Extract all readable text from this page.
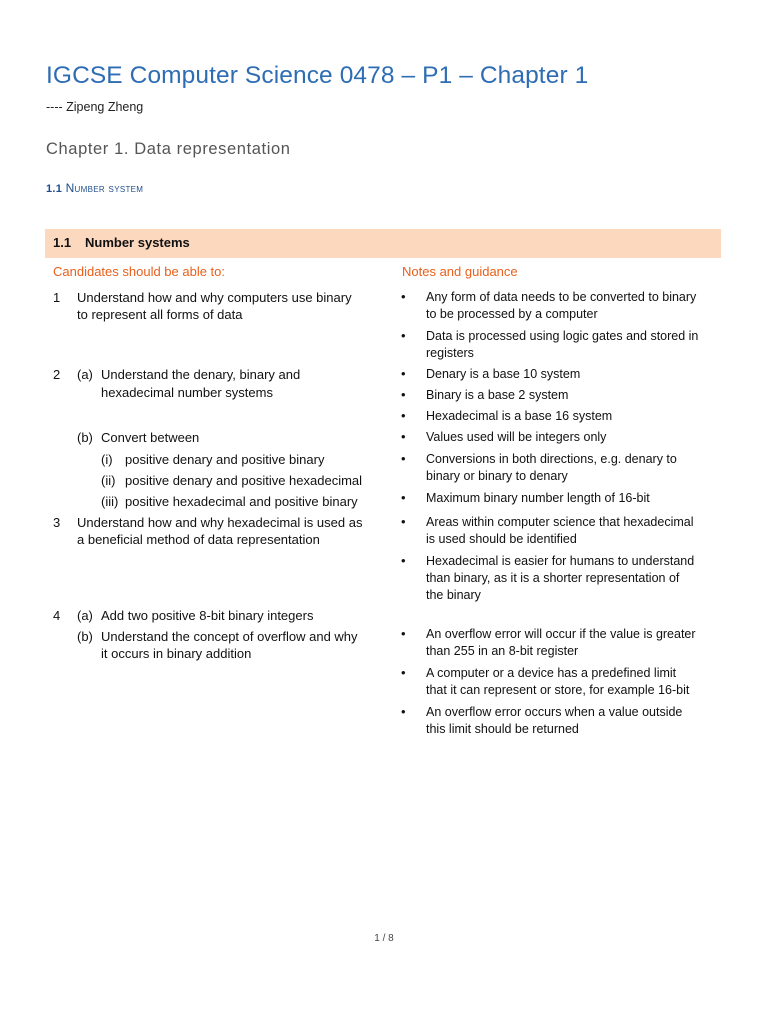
IGCSE Computer Science 0478 – P1 – Chapter 1
---- Zipeng Zheng
Chapter 1. Data representation
1.1 Number system
1.1 Number systems
Candidates should be able to:	Notes and guidance
1 Understand how and why computers use binary
to represent all forms of data
2 (a) Understand the denary, binary and
hexadecimal number systems
(b) Convert between
(i) positive denary and positive binary
(ii) positive denary and positive hexadecimal
(iii) positive hexadecimal and positive binary
3 Understand how and why hexadecimal is used as
a beneficial method of data representation
4 (a) Add two positive 8-bit binary integers
(b) Understand the concept of overflow and why
it occurs in binary addition
• Any form of data needs to be converted to binary
to be processed by a computer
• Data is processed using logic gates and stored in
registers
• Denary is a base 10 system
• Binary is a base 2 system
• Hexadecimal is a base 16 system
• Values used will be integers only
• Conversions in both directions, e.g. denary to
binary or binary to denary
• Maximum binary number length of 16-bit
• Areas within computer science that hexadecimal
is used should be identified
• Hexadecimal is easier for humans to understand
than binary, as it is a shorter representation of
the binary
• An overflow error will occur if the value is greater
than 255 in an 8-bit register
• A computer or a device has a predefined limit
that it can represent or store, for example 16-bit
• An overflow error occurs when a value outside
this limit should be returned
1 / 8
